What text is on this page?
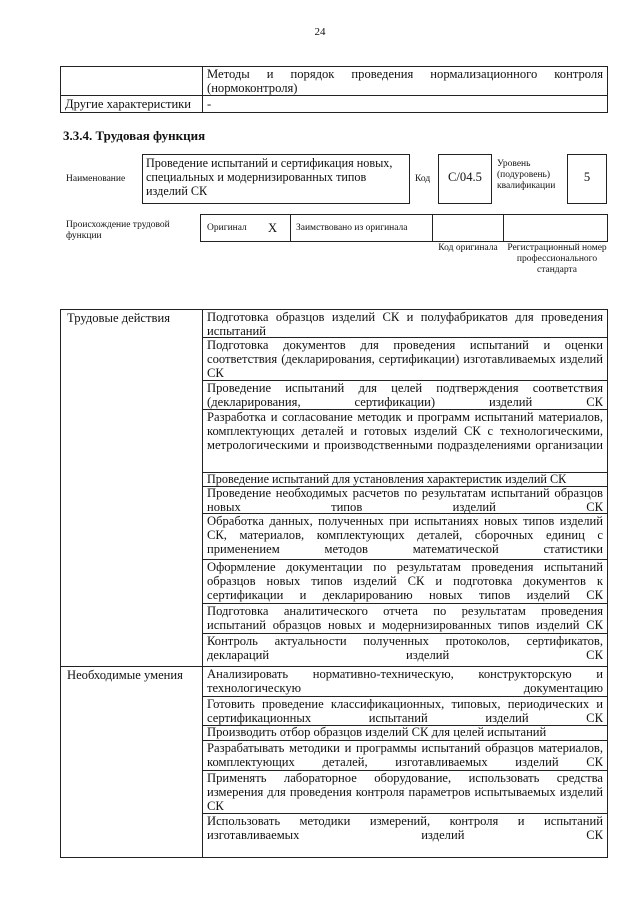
24
Методы и порядок проведения нормализационного контроля (нормоконтроля)
Другие характеристики	-
3.3.4. Трудовая функция
Наименование
Проведение испытаний и сертификация новых, специальных и модернизированных типов изделий СК
Код	С/04.5
Уровень (подуровень) квалификации
5
Происхождение трудовой функции
Оригинал X Заимствовано из оригинала
Код оригинала Регистрационный номер профессионального стандарта
Трудовые действия
Необходимые умения
Подготовка образцов изделий СК и полуфабрикатов для проведения испытаний
Подготовка документов для проведения испытаний и оценки соответствия (декларирования, сертификации) изготавливаемых изделий СК
Проведение испытаний для целей подтверждения соответствия (декларирования, сертификации) изделий СК
Разработка и согласование методик и программ испытаний материалов, комплектующих деталей и готовых изделий СК с технологическими, метрологическими и производственными подразделениями организации
Проведение испытаний для установления характеристик изделий СК
Проведение необходимых расчетов по результатам испытаний образцов новых типов изделий СК
Обработка данных, полученных при испытаниях новых типов изделий СК, материалов, комплектующих деталей, сборочных единиц с применением методов математической статистики
Оформление документации по результатам проведения испытаний образцов новых типов изделий СК и подготовка документов к сертификации и декларированию новых типов изделий СК
Подготовка аналитического отчета по результатам проведения испытаний образцов новых и модернизированных типов изделий СК
Контроль актуальности полученных протоколов, сертификатов, деклараций изделий СК
Анализировать нормативно-техническую, конструкторскую и технологическую документацию
Готовить проведение классификационных, типовых, периодических и сертификационных испытаний изделий СК
Производить отбор образцов изделий СК для целей испытаний
Разрабатывать методики и программы испытаний образцов материалов, комплектующих деталей, изготавливаемых изделий СК
Применять лабораторное оборудование, использовать средства измерения для проведения контроля параметров испытываемых изделий СК
Использовать методики измерений, контроля и испытаний изготавливаемых изделий СК
